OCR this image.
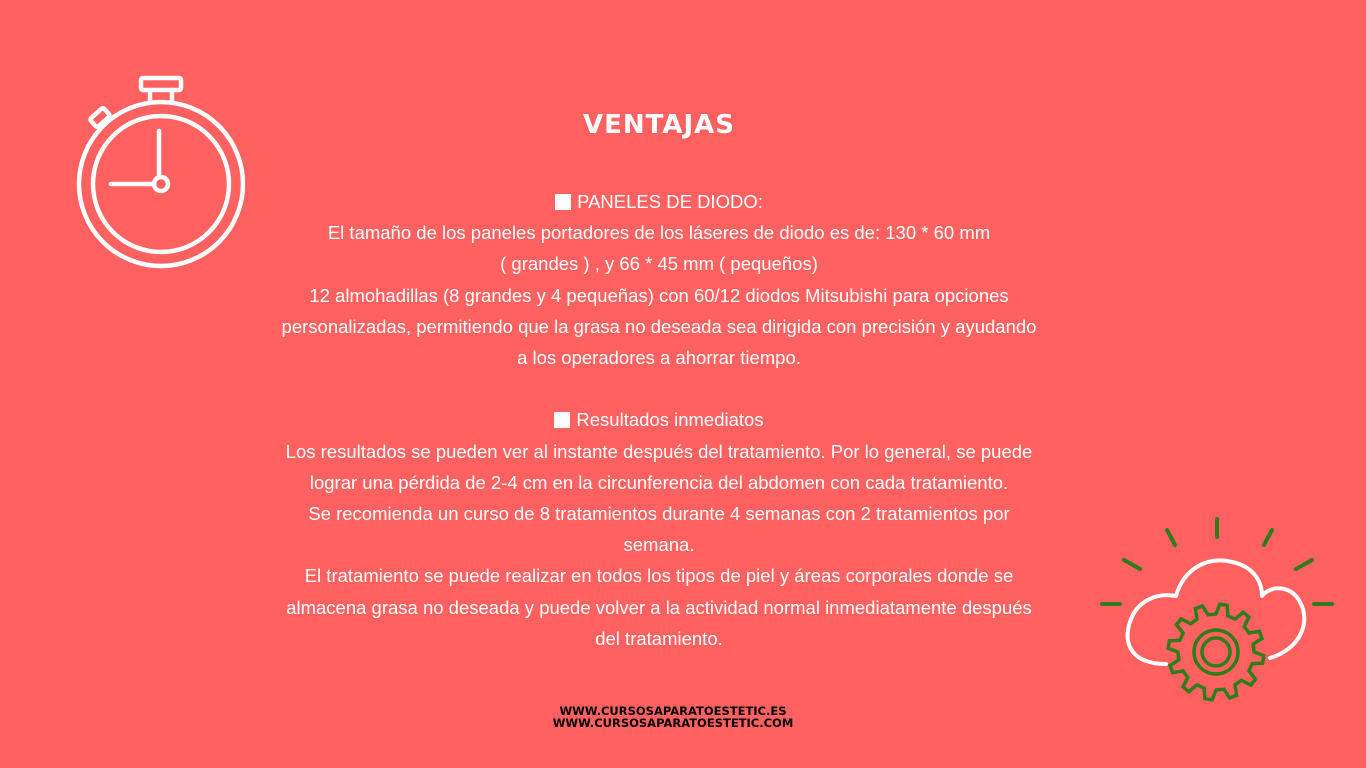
VENTAJAS

PANELES DE DIODO:

El tamaño de los paneles portadores de los láseres de diodo es de: 130 * 60 mm

( grandes ) , y 66 * 45 mm ( pequeños)

12 almohadillas (8 grandes y 4 pequeñas) con 60/12 diodos Mitsubishi para opciones

personalizadas, permitiendo que la grasa no deseada sea dirigida con precisión y ayudando

a los operadores a ahorrar tiempo.

Resultados inmediatos

Los resultados se pueden ver al instante después del tratamiento. Por lo general, se puede

lograr una pérdida de 2-4 cm en la circunferencia del abdomen con cada tratamiento.

Se recomienda un curso de 8 tratamientos durante 4 semanas con 2 tratamientos por

semana.

El tratamiento se puede realizar en todos los tipos de piel y áreas corporales donde se

almacena grasa no deseada y puede volver a la actividad normal inmediatamente después

del tratamiento.

WWW.CURSOSAPARATOESTETIC.ES
WWW.CURSOSAPARATOESTETIC.COM
